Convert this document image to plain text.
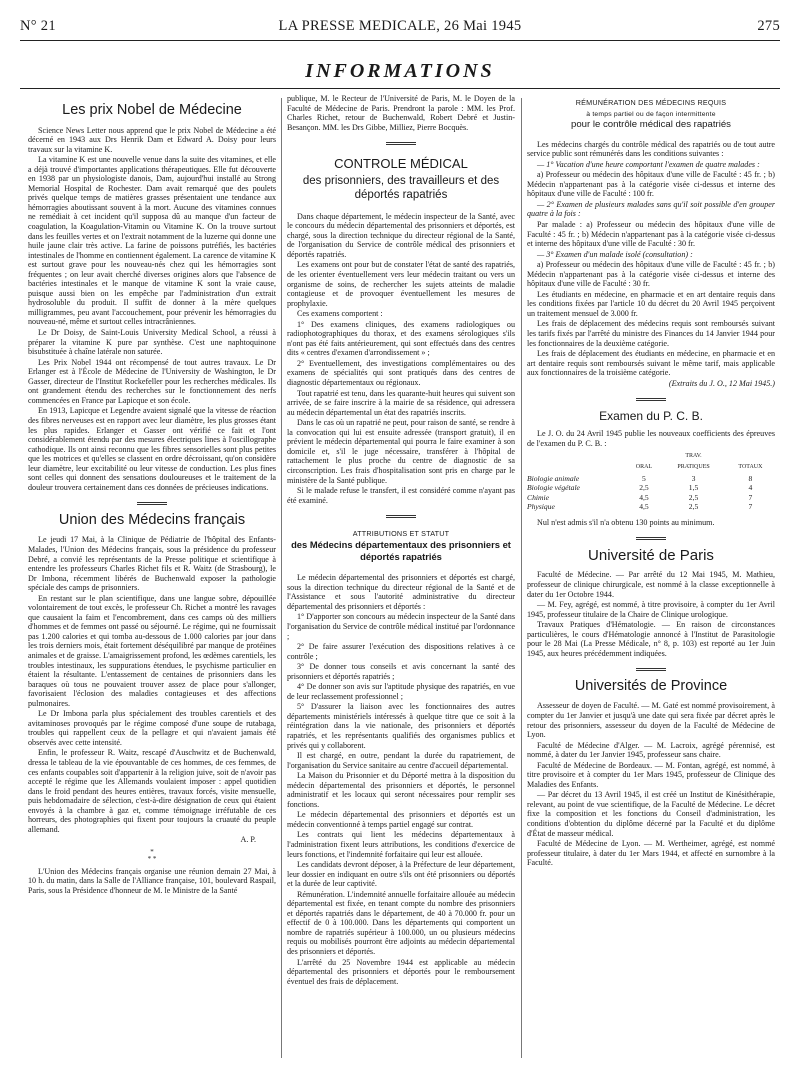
N° 21	LA PRESSE MEDICALE, 26 Mai 1945	275
INFORMATIONS
Les prix Nobel de Médecine

Science News Letter nous apprend que le prix Nobel de Médecine a été décerné en 1943 aux Drs Henrik Dam et Edward A. Doisy pour leurs travaux sur la vitamine K.

La vitamine K est une nouvelle venue dans la suite des vitamines, et elle a déjà trouvé d'importantes applications thérapeutiques. Elle fut découverte en 1938 par un physiologiste danois, Dam, aujourd'hui installé au Strong Memorial Hospital de Rochester. Dam avait remarqué que des poulets privés quelque temps de matières grasses présentaient une tendance aux hémorragies aboutissant souvent à la mort. Aucune des vitamines connues ne remédiait à cet incident qu'il supposa dû au manque d'un facteur de coagulation, la Koagulation-Vitamin ou Vitamine K. On la trouve surtout dans les feuilles vertes et on l'extrait notamment de la luzerne qui donne une huile jaune clair très active. La farine de poissons putréfiés, les bactéries intestinales de l'homme en contiennent également. La carence de vitamine K est surtout grave pour les nouveau-nés chez qui les hémorragies sont fréquentes ; on leur avait cherché diverses origines alors que l'absence de bactéries intestinales et le manque de vitamine K sont la vraie cause, puisque aussi bien on les empêche par l'administration d'un extrait hydrosoluble du produit. Il suffit de donner à la mère quelques milligrammes, peu avant l'accouchement, pour prévenir les hémorragies du nouveau-né, même et surtout celles intracrâniennes.

Le Dr Doisy, de Saint-Louis University Medical School, a réussi à préparer la vitamine K pure par synthèse. C'est une naphtoquinone bisubstituée à chaîne latérale non saturée.

Les Prix Nobel 1944 ont récompensé de tout autres travaux. Le Dr Erlanger est à l'École de Médecine de l'University de Washington, le Dr Gasser, directeur de l'Institut Rockefeller pour les recherches médicales. Ils ont grandement étendu des recherches sur le fonctionnement des nerfs commencées en France par Lapicque et son école.

En 1913, Lapicque et Legendre avaient signalé que la vitesse de réaction des fibres nerveuses est en rapport avec leur diamètre, les plus grosses étant les plus rapides. Erlanger et Gasser ont vérifié ce fait et l'ont considérablement étendu par des mesures électriques lines à l'oscillographe cathodique. Ils ont ainsi reconnu que les fibres sensorielles sont plus petites que les motrices et qu'elles se classent en ordre décroissant, qu'on considère leur diamètre, leur excitabilité ou leur vitesse de conduction. Les plus fines sont celles qui donnent des sensations douloureuses et le traitement de la douleur trouvera certainement dans ces données de précieuses indications.

Union des Médecins français

Le jeudi 17 Mai, à la Clinique de Pédiatrie de l'hôpital des Enfants-Malades, l'Union des Médecins français, sous la présidence du professeur Debré, a convié les représentants de la Presse politique et scientifique à entendre les professeurs Charles Richet fils et R. Waitz (de Strasbourg), le Dr Imbona, récemment libérés de Buchenwald exposer la pathologie spéciale des camps de prisonniers.

En restant sur le plan scientifique, dans une langue sobre, dépouillée volontairement de tout excès, le professeur Ch. Richet a montré les ravages que causaient la faim et l'encombrement, dans ces camps où des milliers d'hommes et de femmes ont passé ou séjourné. Le régime, qui ne fournissait pas 1.200 calories et qui tomba au-dessous de 1.000 calories par jour dans les trois derniers mois, était fortement déséquilibré par manque de protéines animales et de graisse. L'amaigrissement profond, les œdèmes carentiels, les troubles intestinaux, les suppurations étendues, le psychisme particulier en étaient la résultante. L'entassement de centaines de prisonniers dans les baraques où tous ne pouvaient trouver assez de place pour s'allonger, favorisaient l'éclosion des maladies contagieuses et des affections pulmonaires.

Le Dr Imbona parla plus spécialement des troubles carentiels et des avitaminoses provoqués par le régime composé d'une soupe de rutabaga, troubles qui rappellent ceux de la pellagre et qui n'avaient jamais été observés avec cette intensité.

Enfin, le professeur R. Waitz, rescapé d'Auschwitz et de Buchenwald, dressa le tableau de la vie épouvantable de ces hommes, de ces femmes, de ces enfants coupables soit d'appartenir à la religion juive, soit de n'avoir pas accepté le régime que les Allemands voulaient imposer : appel quotidien dans le froid pendant des heures entières, travaux forcés, visite mensuelle, puis hebdomadaire de sélection, c'est-à-dire désignation de ceux qui étaient envoyés à la chambre à gaz et, comme témoignage irréfutable de ces horreurs, des photographies qui fixent pour toujours la cruauté du peuple allemand.

A. P.
*
* *

L'Union des Médecins français organise une réunion demain 27 Mai, à 10 h. du matin, dans la Salle de l'Alliance française, 101, boulevard Raspail, Paris, sous la Présidence d'honneur de M. le Ministre de la Santé

publique, M. le Recteur de l'Université de Paris, M. le Doyen de la Faculté de Médecine de Paris. Prendront la parole : MM. les Prof. Charles Richet, retour de Buchenwald, Robert Debré et Justin-Besançon. MM. les Drs Gibbe, Milliez, Pierre Bocquès.

CONTROLE MÉDICAL
des prisonniers, des travailleurs et des déportés rapatriés

Dans chaque département, le médecin inspecteur de la Santé, avec le concours du médecin départemental des prisonniers et déportés, est chargé, sous la direction technique du directeur régional de la Santé, de l'organisation du Service de contrôle médical des prisonniers et déportés rapatriés.

Les examens ont pour but de constater l'état de santé des rapatriés, de les orienter éventuellement vers leur médecin traitant ou vers un organisme de soins, de rechercher les sujets atteints de maladie contagieuse et de provoquer éventuellement les mesures de prophylaxie.

Ces examens comportent :

1° Des examens cliniques, des examens radiologiques ou radiophotographiques du thorax, et des examens sérologiques s'ils n'ont pas été faits antérieurement, qui sont effectués dans des centres dits « centres d'examen d'arrondissement » ;

2° Eventuellement, des investigations complémentaires ou des examens de spécialités qui sont pratiqués dans des centres de diagnostic départementaux ou régionaux.

Tout rapatrié est tenu, dans les quarante-huit heures qui suivent son arrivée, de se faire inscrire à la mairie de sa résidence, qui adressera au médecin départemental un état des rapatriés inscrits.

Dans le cas où un rapatrié ne peut, pour raison de santé, se rendre à la convocation qui lui est ensuite adressée (transport gratuit), il en prévient le médecin départemental qui pourra le faire examiner à son domicile et, s'il le juge nécessaire, transférer à l'hôpital de rattachement le plus proche du centre de diagnostic de sa circonscription. Les frais d'hospitalisation sont pris en charge par le ministère de la Santé publique.

Si le malade refuse le transfert, il est considéré comme n'ayant pas été examiné.

ATTRIBUTIONS ET STATUT
des Médecins départementaux des prisonniers et déportés rapatriés

Le médecin départemental des prisonniers et déportés est chargé, sous la direction technique du directeur régional de la Santé et de l'Assistance et sous l'autorité administrative du directeur départemental des prisonniers et déportés :

1° D'apporter son concours au médecin inspecteur de la Santé dans l'organisation du Service de contrôle médical institué par l'ordonnance ;

2° De faire assurer l'exécution des dispositions relatives à ce contrôle ;

3° De donner tous conseils et avis concernant la santé des prisonniers et déportés rapatriés ;

4° De donner son avis sur l'aptitude physique des rapatriés, en vue de leur reclassement professionnel ;

5° D'assurer la liaison avec les fonctionnaires des autres départements ministériels intéressés à quelque titre que ce soit à la réintégration dans la vie nationale, des prisonniers et déportés rapatriés, et les représentants qualifiés des organismes publics et privés qui y collaborent.

Il est chargé, en outre, pendant la durée du rapatriement, de l'organisation du Service sanitaire au centre d'accueil départemental.

La Maison du Prisonnier et du Déporté mettra à la disposition du médecin départemental des prisonniers et déportés, le personnel administratif et les locaux qui seront nécessaires pour remplir ses fonctions.

Le médecin départemental des prisonniers et déportés est un médecin conventionné à temps partiel engagé sur contrat.

Les contrats qui lient les médecins départementaux à l'administration fixent leurs attributions, les conditions d'exercice de leurs fonctions, et l'indemnité forfaitaire qui leur est allouée.

Les candidats devront déposer, à la Préfecture de leur département, leur dossier en indiquant en outre s'ils ont été prisonniers ou déportés et la durée de leur captivité.

Rémunération. L'indemnité annuelle forfaitaire allouée au médecin départemental est fixée, en tenant compte du nombre des prisonniers et déportés rapatriés dans le département, de 40 à 70.000 fr. pour un effectif de 0 à 100.000. Dans les départements qui comportent un nombre de rapatriés supérieur à 100.000, un ou plusieurs médecins requis ou mobilisés pourront être adjoints au médecin départemental des prisonniers et déportés.

L'arrêté du 25 Novembre 1944 est applicable au médecin départemental des prisonniers et déportés pour le remboursement éventuel des frais de déplacement.

RÉMUNÉRATION DES MÉDECINS REQUIS
à temps partiel ou de façon intermittente
pour le contrôle médical des rapatriés

Les médecins chargés du contrôle médical des rapatriés ou de tout autre service public sont rémunérés dans les conditions suivantes :

— 1° Vacation d'une heure comportant l'examen de quatre malades :

a) Professeur ou médecin des hôpitaux d'une ville de Faculté : 45 fr. ; b) Médecin n'appartenant pas à la catégorie visée ci-dessus et interne des hôpitaux d'une ville de Faculté : 100 fr.

— 2° Examen de plusieurs malades sans qu'il soit possible d'en grouper quatre à la fois :

Par malade : a) Professeur ou médecin des hôpitaux d'une ville de Faculté : 45 fr. ; b) Médecin n'appartenant pas à la catégorie visée ci-dessus et interne des hôpitaux d'une ville de Faculté : 30 fr.

— 3° Examen d'un malade isolé (consultation) :

a) Professeur ou médecin des hôpitaux d'une ville de Faculté : 45 fr. ; b) Médecin n'appartenant pas à la catégorie visée ci-dessus et interne des hôpitaux d'une ville de Faculté : 30 fr.

Les étudiants en médecine, en pharmacie et en art dentaire requis dans les conditions fixées par l'article 10 du décret du 20 Avril 1945 perçoivent un traitement mensuel de 3.000 fr.

Les frais de déplacement des médecins requis sont remboursés suivant les tarifs fixés par l'arrêté du ministre des Finances du 14 Janvier 1944 pour les fonctionnaires de la deuxième catégorie.

Les frais de déplacement des étudiants en médecine, en pharmacie et en art dentaire requis sont remboursés suivant le même tarif, mais applicable aux fonctionnaires de la troisième catégorie.

(Extraits du J. O., 12 Mai 1945.)

Examen du P. C. B.

Le J. O. du 24 Avril 1945 publie les nouveaux coefficients des épreuves de l'examen du P. C. B. :

		TRAV.	
	ORAL	PRATIQUES	TOTAUX
Biologie animale	5	3	8
Biologie végétale	2,5	1,5	4
Chimie	4,5	2,5	7
Physique	4,5	2,5	7

Nul n'est admis s'il n'a obtenu 130 points au minimum.

Université de Paris

Faculté de Médecine. — Par arrêté du 12 Mai 1945, M. Mathieu, professeur de clinique chirurgicale, est nommé à la classe exceptionnelle à dater du 1er Octobre 1944.

— M. Fey, agrégé, est nommé, à titre provisoire, à compter du 1er Avril 1945, professeur titulaire de la Chaire de Clinique urologique.

Travaux Pratiques d'Hématologie. — En raison de circonstances particulières, le cours d'Hématologie annoncé à l'Institut de Parasitologie pour le 28 Mai (La Presse Médicale, n° 8, p. 103) est reporté au 1er Juin 1945, aux heures précédemment indiquées.

Universités de Province

Assesseur de doyen de Faculté. — M. Gaté est nommé provisoirement, à compter du 1er Janvier et jusqu'à une date qui sera fixée par décret après le retour des prisonniers, assesseur du doyen de la Faculté de Médecine de Lyon.

Faculté de Médecine d'Alger. — M. Lacroix, agrégé pérennisé, est nommé, à dater du 1er Janvier 1945, professeur sans chaire.

Faculté de Médecine de Bordeaux. — M. Fontan, agrégé, est nommé, à titre provisoire et à compter du 1er Mars 1945, professeur de Clinique des Maladies des Enfants.

— Par décret du 13 Avril 1945, il est créé un Institut de Kinésithérapie, relevant, au point de vue scientifique, de la Faculté de Médecine. Le décret fixe la composition et les fonctions du Conseil d'administration, les conditions d'obtention du diplôme décerné par la Faculté et du diplôme d'État de masseur médical.

Faculté de Médecine de Lyon. — M. Wertheimer, agrégé, est nommé professeur titulaire, à dater du 1er Mars 1944, et affecté en surnombre à la Faculté.
